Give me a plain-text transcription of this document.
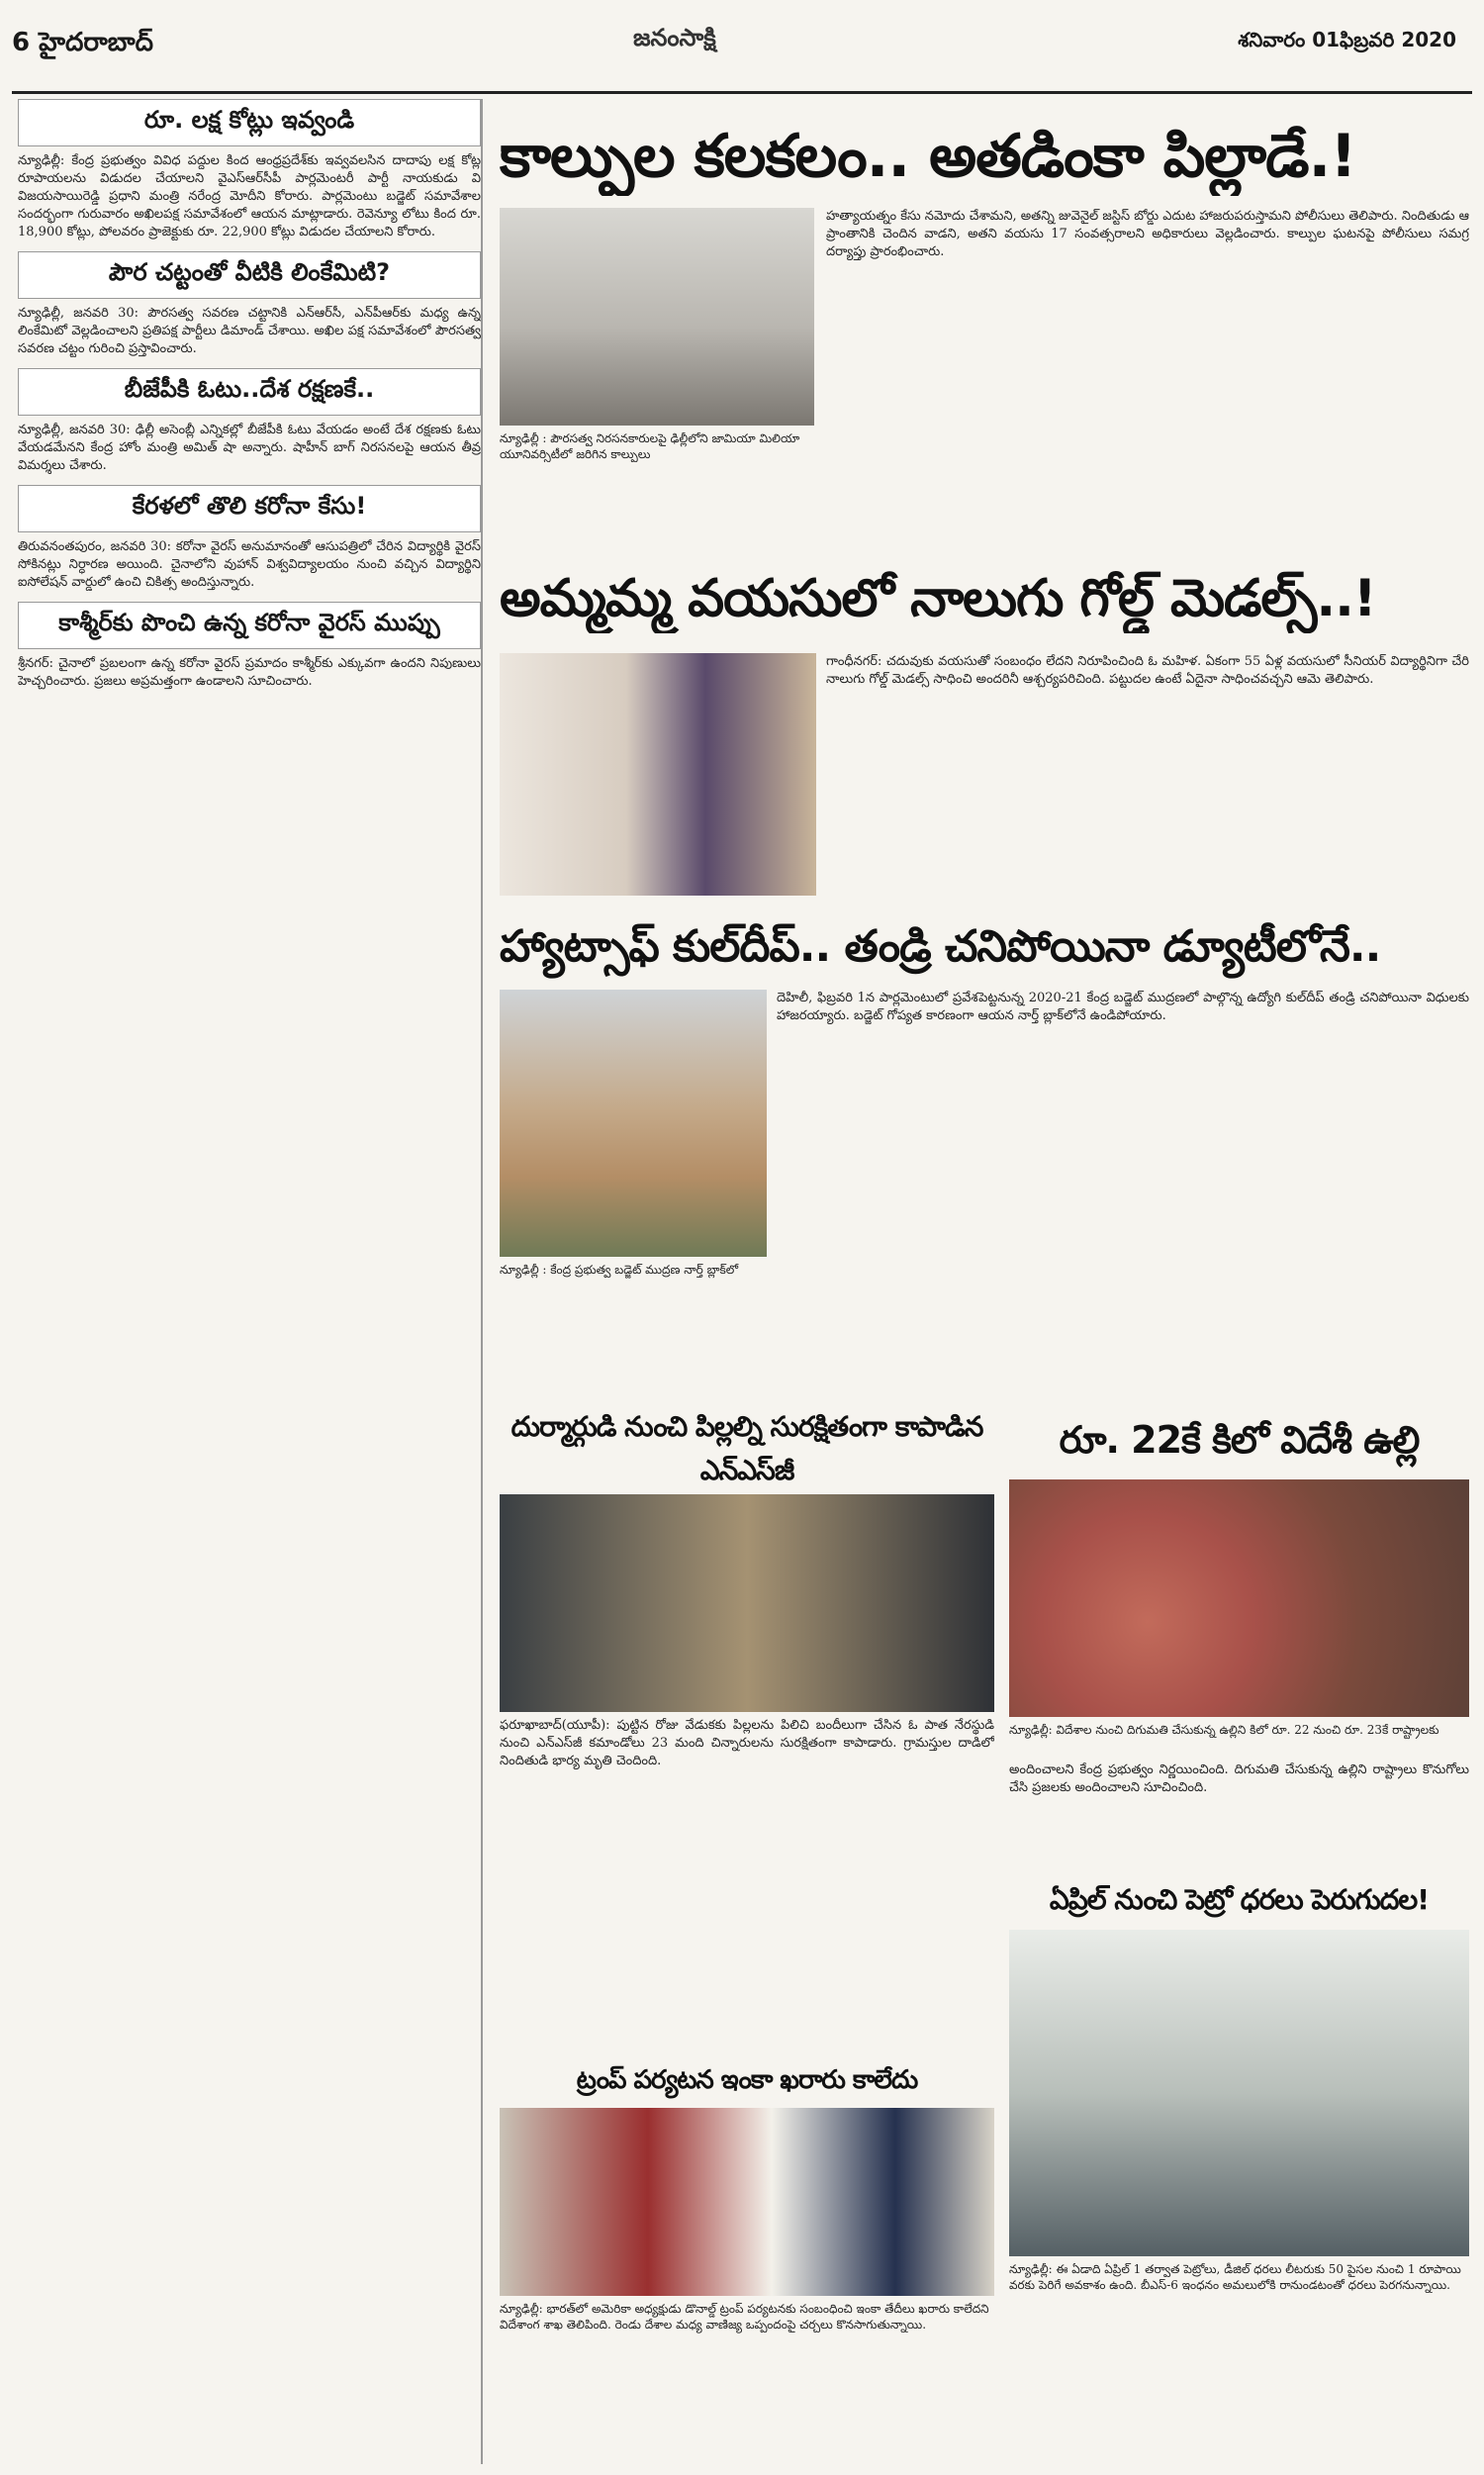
6 హైదరాబాద్	జనంసాక్షి	శనివారం 01ఫిబ్రవరి 2020
రూ. లక్ష కోట్లు ఇవ్వండి
న్యూఢిల్లీ: కేంద్ర ప్రభుత్వం వివిధ పద్దుల కింద ఆంధ్రప్రదేశ్‌కు ఇవ్వవలసిన దాదాపు లక్ష కోట్ల రూపాయలను విడుదల చేయాలని వైఎస్ఆర్‌సీపీ పార్లమెంటరీ పార్టీ నాయకుడు వి విజయసాయిరెడ్డి ప్రధాని మంత్రి నరేంద్ర మోదీని కోరారు. పార్లమెంటు బడ్జెట్ సమావేశాల సందర్భంగా గురువారం అఖిలపక్ష సమావేశంలో ఆయన మాట్లాడారు. రెవెన్యూ లోటు కింద రూ. 18,900 కోట్లు, పోలవరం ప్రాజెక్టుకు రూ. 22,900 కోట్లు విడుదల చేయాలని కోరారు.
పౌర చట్టంతో వీటికి లింకేమిటి?
న్యూఢిల్లీ, జనవరి 30: పౌరసత్వ సవరణ చట్టానికి ఎన్ఆర్‌సీ, ఎన్‌పీఆర్‌కు మధ్య ఉన్న లింకేమిటో వెల్లడించాలని ప్రతిపక్ష పార్టీలు డిమాండ్ చేశాయి. అఖిల పక్ష సమావేశంలో పౌరసత్వ సవరణ చట్టం గురించి ప్రస్తావించారు.
బీజేపీకి ఓటు..దేశ రక్షణకే..
న్యూఢిల్లీ, జనవరి 30: ఢిల్లీ అసెంబ్లీ ఎన్నికల్లో బీజేపీకి ఓటు వేయడం అంటే దేశ రక్షణకు ఓటు వేయడమేనని కేంద్ర హోం మంత్రి అమిత్ షా అన్నారు. షాహీన్ బాగ్ నిరసనలపై ఆయన తీవ్ర విమర్శలు చేశారు.
కేరళలో తొలి కరోనా కేసు!
తిరువనంతపురం, జనవరి 30: కరోనా వైరస్ అనుమానంతో ఆసుపత్రిలో చేరిన విద్యార్థికి వైరస్ సోకినట్లు నిర్ధారణ అయింది. చైనాలోని వుహాన్ విశ్వవిద్యాలయం నుంచి వచ్చిన విద్యార్థిని ఐసోలేషన్ వార్డులో ఉంచి చికిత్స అందిస్తున్నారు.
కాశ్మీర్‌కు పొంచి ఉన్న కరోనా వైరస్ ముప్పు
శ్రీనగర్: చైనాలో ప్రబలంగా ఉన్న కరోనా వైరస్ ప్రమాదం కాశ్మీర్‌కు ఎక్కువగా ఉందని నిపుణులు హెచ్చరించారు. ప్రజలు అప్రమత్తంగా ఉండాలని సూచించారు.
కాల్పుల కలకలం.. అతడింకా పిల్లాడే.!
న్యూఢిల్లీ : పౌరసత్వ నిరసనకారులపై ఢిల్లీలోని జామియా మిలియా యూనివర్సిటీలో జరిగిన కాల్పులు
హత్యాయత్నం కేసు నమోదు చేశామని, అతన్ని జువెనైల్ జస్టిస్ బోర్డు ఎదుట హాజరుపరుస్తామని పోలీసులు తెలిపారు. నిందితుడు ఆ ప్రాంతానికి చెందిన వాడని, అతని వయసు 17 సంవత్సరాలని అధికారులు వెల్లడించారు. కాల్పుల ఘటనపై పోలీసులు సమగ్ర దర్యాప్తు ప్రారంభించారు.
అమ్మమ్మ వయసులో నాలుగు గోల్డ్ మెడల్స్..!
గాంధీనగర్: చదువుకు వయసుతో సంబంధం లేదని నిరూపించింది ఓ మహిళ. ఏకంగా 55 ఏళ్ల వయసులో సీనియర్ విద్యార్థినిగా చేరి నాలుగు గోల్డ్ మెడల్స్ సాధించి అందరినీ ఆశ్చర్యపరిచింది. పట్టుదల ఉంటే ఏదైనా సాధించవచ్చని ఆమె తెలిపారు.
హ్యాట్సాఫ్ కుల్‌దీప్.. తండ్రి చనిపోయినా డ్యూటీలోనే..
న్యూఢిల్లీ : కేంద్ర ప్రభుత్వ బడ్జెట్ ముద్రణ నార్త్ బ్లాక్‌లో
దెహిలీ, ఫిబ్రవరి 1న పార్లమెంటులో ప్రవేశపెట్టనున్న 2020-21 కేంద్ర బడ్జెట్ ముద్రణలో పాల్గొన్న ఉద్యోగి కుల్‌దీప్ తండ్రి చనిపోయినా విధులకు హాజరయ్యారు. బడ్జెట్ గోప్యత కారణంగా ఆయన నార్త్ బ్లాక్‌లోనే ఉండిపోయారు.
దుర్మార్గుడి నుంచి పిల్లల్ని సురక్షితంగా కాపాడిన ఎన్ఎస్‌జీ
ఫరూఖాబాద్(యూపీ): పుట్టిన రోజు వేడుకకు పిల్లలను పిలిచి బందీలుగా చేసిన ఓ పాత నేరస్థుడి నుంచి ఎన్ఎస్‌జీ కమాండోలు 23 మంది చిన్నారులను సురక్షితంగా కాపాడారు. గ్రామస్తుల దాడిలో నిందితుడి భార్య మృతి చెందింది.
రూ. 22కే కిలో విదేశీ ఉల్లి
న్యూఢిల్లీ: విదేశాల నుంచి దిగుమతి చేసుకున్న ఉల్లిని కిలో రూ. 22 నుంచి రూ. 23కే రాష్ట్రాలకు
అందించాలని కేంద్ర ప్రభుత్వం నిర్ణయించింది. దిగుమతి చేసుకున్న ఉల్లిని రాష్ట్రాలు కొనుగోలు చేసి ప్రజలకు అందించాలని సూచించింది.
ఏప్రిల్ నుంచి పెట్రో ధరలు పెరుగుదల!
న్యూఢిల్లీ: ఈ ఏడాది ఏప్రిల్ 1 తర్వాత పెట్రోలు, డీజిల్ ధరలు లీటరుకు 50 పైసల నుంచి 1 రూపాయి వరకు పెరిగే అవకాశం ఉంది. బీఎస్-6 ఇంధనం అమలులోకి రానుండటంతో ధరలు పెరగనున్నాయి.
ట్రంప్ పర్యటన ఇంకా ఖరారు కాలేదు
న్యూఢిల్లీ: భారత్‌లో అమెరికా అధ్యక్షుడు డొనాల్డ్ ట్రంప్ పర్యటనకు సంబంధించి ఇంకా తేదీలు ఖరారు కాలేదని విదేశాంగ శాఖ తెలిపింది. రెండు దేశాల మధ్య వాణిజ్య ఒప్పందంపై చర్చలు కొనసాగుతున్నాయి.
